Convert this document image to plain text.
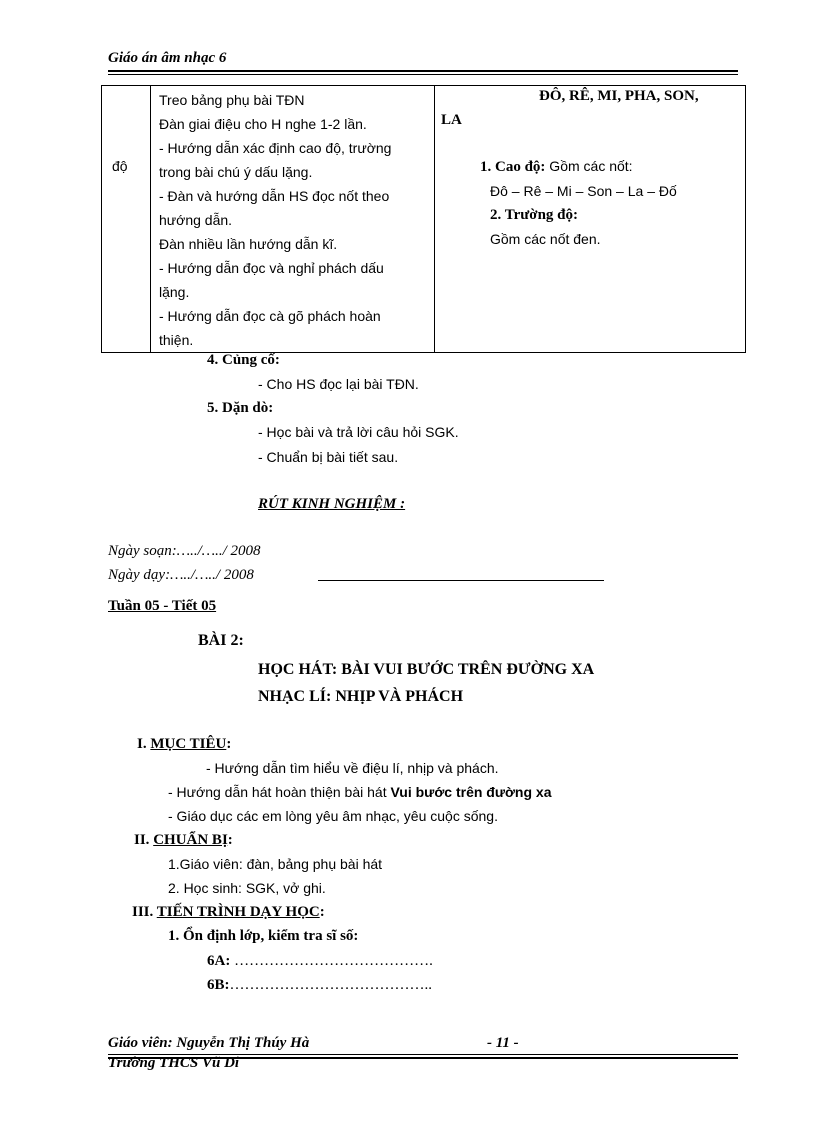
Giáo án âm nhạc 6
độ

Treo bảng phụ bài TĐN
Đàn giai điệu cho H nghe 1-2 lần.
- Hướng dẫn xác định cao độ, trường
trong bài chú ý dấu lặng.
- Đàn và hướng dẫn HS đọc nốt theo
hướng dẫn.
Đàn nhiều lần hướng dẫn kĩ.
- Hướng dẫn đọc và nghỉ phách dấu
lặng.
- Hướng dẫn đọc cà gõ phách hoàn
thiện.

ĐÔ, RÊ, MI, PHA, SON,
LA
1. Cao độ: Gồm các nốt:
Đô – Rê – Mi – Son – La – Đố
2. Trường độ:
Gồm các nốt đen.
4. Củng cố:
- Cho HS đọc lại bài TĐN.
5. Dặn dò:
- Học bài và trả lời câu hỏi SGK.
- Chuẩn bị bài tiết sau.
RÚT KINH NGHIỆM :
Ngày soạn:…../…../ 2008
Ngày dạy:…../…../ 2008
Tuần 05 - Tiết 05
BÀI 2:
HỌC HÁT: BÀI VUI BƯỚC TRÊN ĐƯỜNG XA
NHẠC LÍ: NHỊP VÀ PHÁCH
I. MỤC TIÊU:
- Hướng dẫn tìm hiểu về điệu lí, nhịp và phách.
- Hướng dẫn hát hoàn thiện bài hát Vui bước trên đường xa
- Giáo dục các em lòng yêu âm nhạc, yêu cuộc sống.
II. CHUẨN BỊ:
1.Giáo viên: đàn, bảng phụ bài hát
2. Học sinh: SGK, vở ghi.
III. TIẾN TRÌNH DẠY HỌC:
1. Ổn định lớp, kiểm tra sĩ số:
6A: ………………………………….
6B:…………………………………..
Giáo viên: Nguyễn Thị Thúy Hà	- 11 -
Trường THCS Vũ Di
